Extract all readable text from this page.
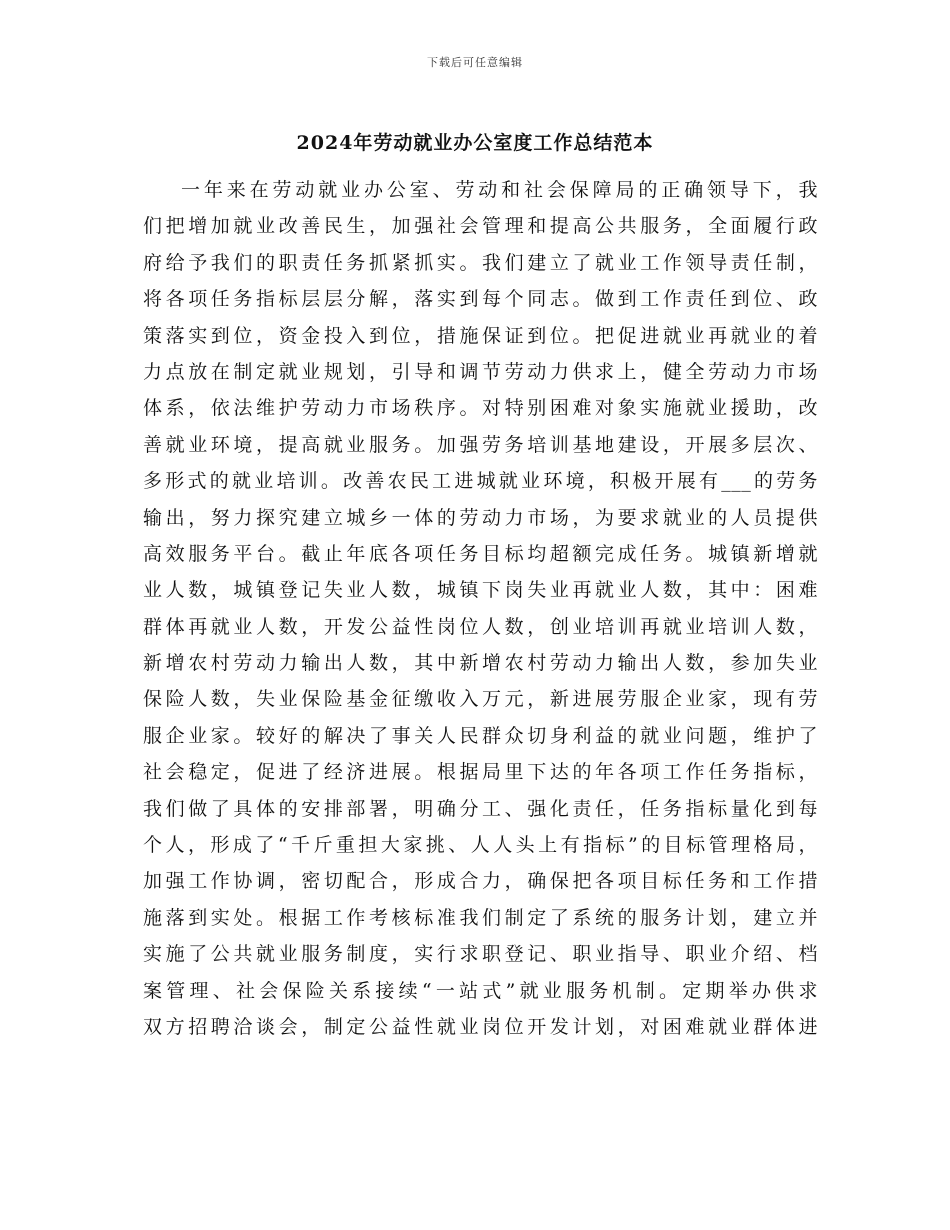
下载后可任意编辑
2024年劳动就业办公室度工作总结范本
一年来在劳动就业办公室、劳动和社会保障局的正确领导下，我
们把增加就业改善民生，加强社会管理和提高公共服务，全面履行政
府给予我们的职责任务抓紧抓实。我们建立了就业工作领导责任制，
将各项任务指标层层分解，落实到每个同志。做到工作责任到位、政
策落实到位，资金投入到位，措施保证到位。把促进就业再就业的着
力点放在制定就业规划，引导和调节劳动力供求上，健全劳动力市场
体系，依法维护劳动力市场秩序。对特别困难对象实施就业援助，改
善就业环境，提高就业服务。加强劳务培训基地建设，开展多层次、
多形式的就业培训。改善农民工进城就业环境，积极开展有___的劳务
输出，努力探究建立城乡一体的劳动力市场，为要求就业的人员提供
高效服务平台。截止年底各项任务目标均超额完成任务。城镇新增就
业人数，城镇登记失业人数，城镇下岗失业再就业人数，其中：困难
群体再就业人数，开发公益性岗位人数，创业培训再就业培训人数，
新增农村劳动力输出人数，其中新增农村劳动力输出人数，参加失业
保险人数，失业保险基金征缴收入万元，新进展劳服企业家，现有劳
服企业家。较好的解决了事关人民群众切身利益的就业问题，维护了
社会稳定，促进了经济进展。根据局里下达的年各项工作任务指标，
我们做了具体的安排部署，明确分工、强化责任，任务指标量化到每
个人，形成了“千斤重担大家挑、人人头上有指标”的目标管理格局，
加强工作协调，密切配合，形成合力，确保把各项目标任务和工作措
施落到实处。根据工作考核标准我们制定了系统的服务计划，建立并
实施了公共就业服务制度，实行求职登记、职业指导、职业介绍、档
案管理、社会保险关系接续“一站式”就业服务机制。定期举办供求
双方招聘洽谈会，制定公益性就业岗位开发计划，对困难就业群体进
